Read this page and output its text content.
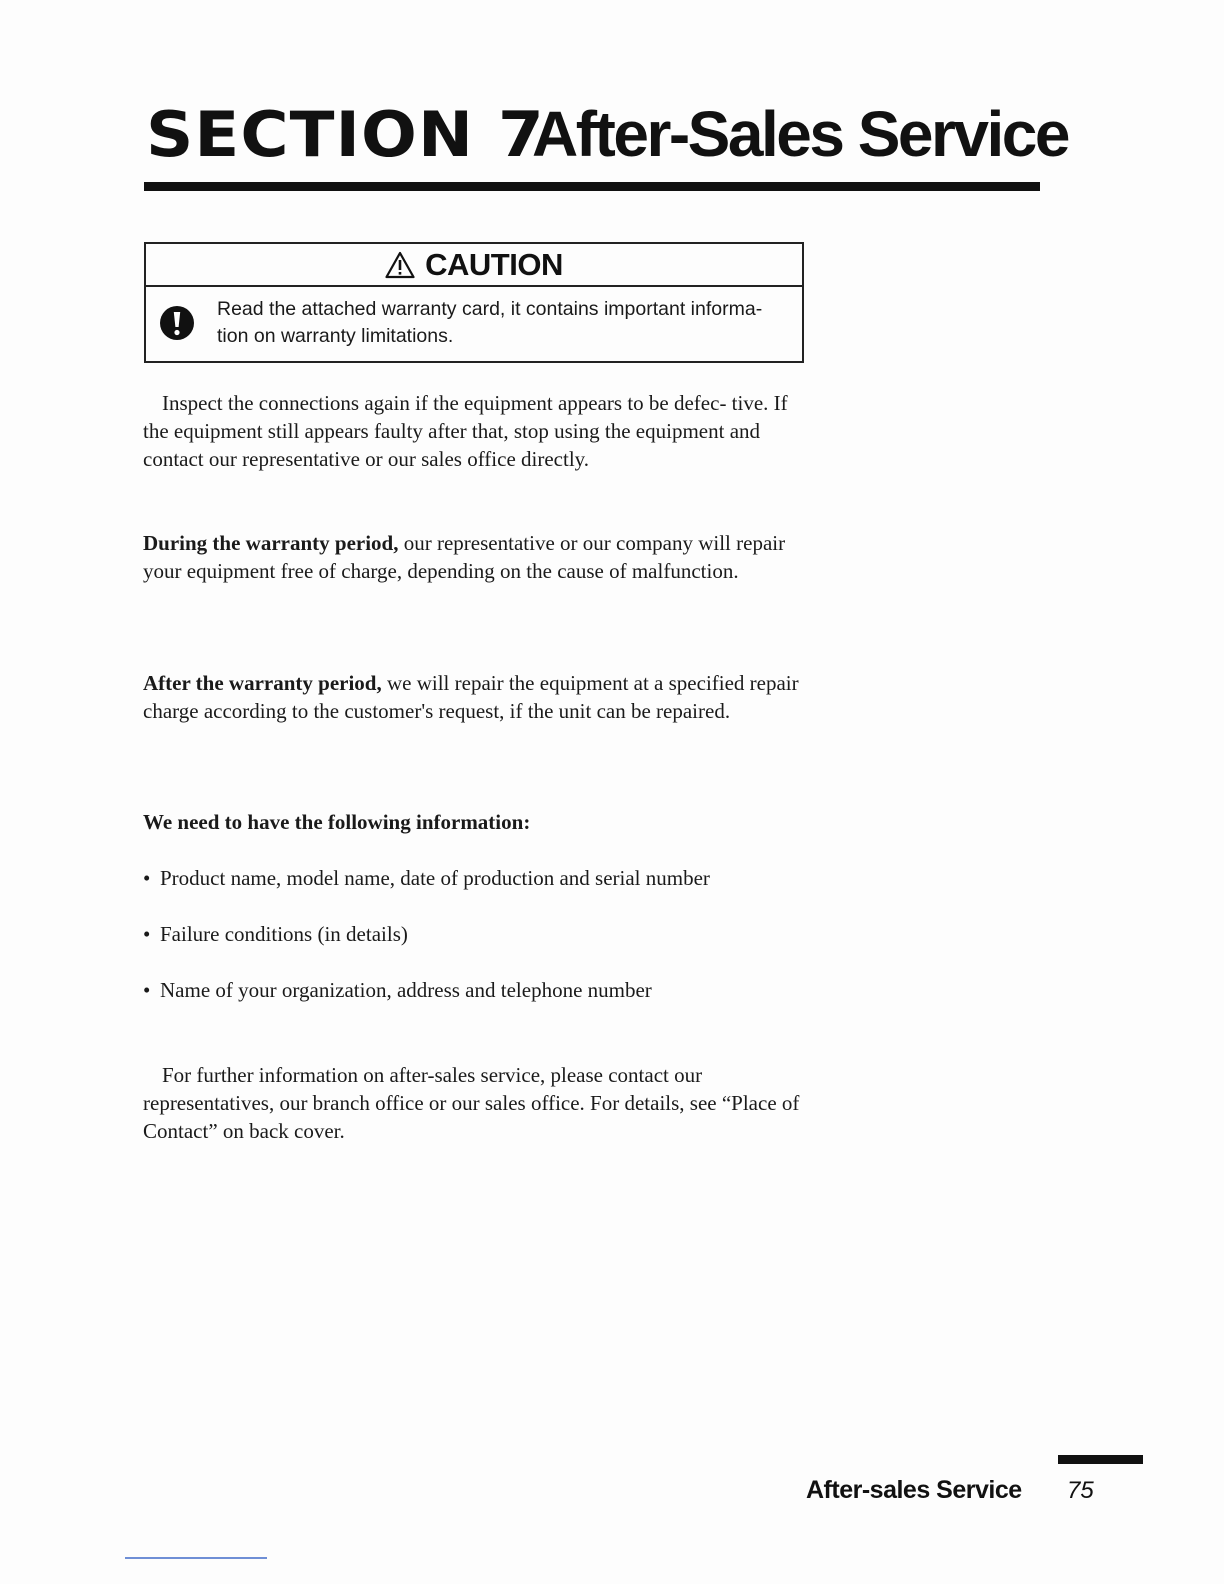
SECTION 7
After-Sales Service
CAUTION

Read the attached warranty card, it contains important informa-
tion on warranty limitations.

Inspect the connections again if the equipment appears to be defec- tive. If the equipment still appears faulty after that, stop using the equipment and contact our representative or our sales office directly.

During the warranty period, our representative or our company will repair your equipment free of charge, depending on the cause of malfunction.

After the warranty period, we will repair the equipment at a specified repair charge according to the customer's request, if the unit can be repaired.

We need to have the following information:

• Product name, model name, date of production and serial number

• Failure conditions (in details)

• Name of your organization, address and telephone number

For further information on after-sales service, please contact our representatives, our branch office or our sales office. For details, see “Place of Contact” on back cover.

After-sales Service 75
